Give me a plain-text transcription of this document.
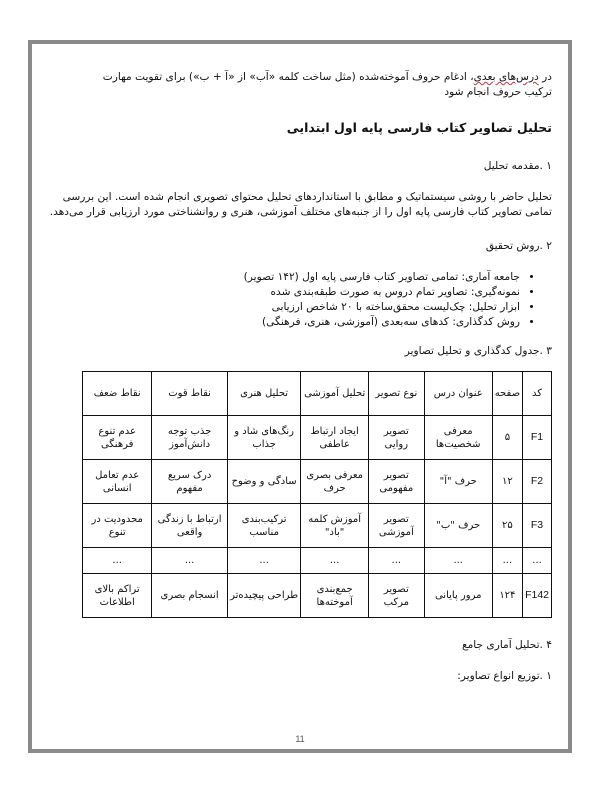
در درس‌های بعدی، ادغام حروف آموخته‌شده (مثل ساخت کلمه «آب» از «آ + ب») برای تقویت مهارت

ترکیب حروف انجام شود

تحلیل تصاویر کتاب فارسی پایه اول ابتدایی

۱ .مقدمه تحلیل

تحلیل حاضر با روشی سیستماتیک و مطابق با استانداردهای تحلیل محتوای تصویری انجام شده است. این بررسی تمامی تصاویر کتاب فارسی پایه اول را از جنبه‌های مختلف آموزشی، هنری و روانشناختی مورد ارزیابی قرار می‌دهد.

۲ .روش تحقیق

• جامعه آماری: تمامی تصاویر کتاب فارسی پایه اول (۱۴۲ تصویر)
• نمونه‌گیری: تصاویر تمام دروس به صورت طبقه‌بندی شده
• ابزار تحلیل: چک‌لیست محقق‌ساخته با ۲۰ شاخص ارزیابی
• روش کدگذاری: کدهای سه‌بعدی (آموزشی، هنری، فرهنگی)

۳ .جدول کدگذاری و تحلیل تصاویر

کد	صفحه	عنوان درس	نوع تصویر	تحلیل آموزشی	تحلیل هنری	نقاط قوت	نقاط ضعف
F1	۵	معرفی شخصیت‌ها	تصویر روایی	ایجاد ارتباط عاطفی	رنگ‌های شاد و جذاب	جذب توجه دانش‌آموز	عدم تنوع فرهنگی
F2	۱۲	حرف "آ"	تصویر مفهومی	معرفی بصری حرف	سادگی و وضوح	درک سریع مفهوم	عدم تعامل انسانی
F3	۲۵	حرف "ب"	تصویر آموزشی	آموزش کلمه "باد"	ترکیب‌بندی مناسب	ارتباط با زندگی واقعی	محدودیت در تنوع
...	...	...	...	...	...	...	...
F142	۱۲۴	مرور پایانی	تصویر مرکب	جمع‌بندی آموخته‌ها	طراحی پیچیده‌تر	انسجام بصری	تراکم بالای اطلاعات

۴ .تحلیل آماری جامع

۱ .توزیع انواع تصاویر:

11
